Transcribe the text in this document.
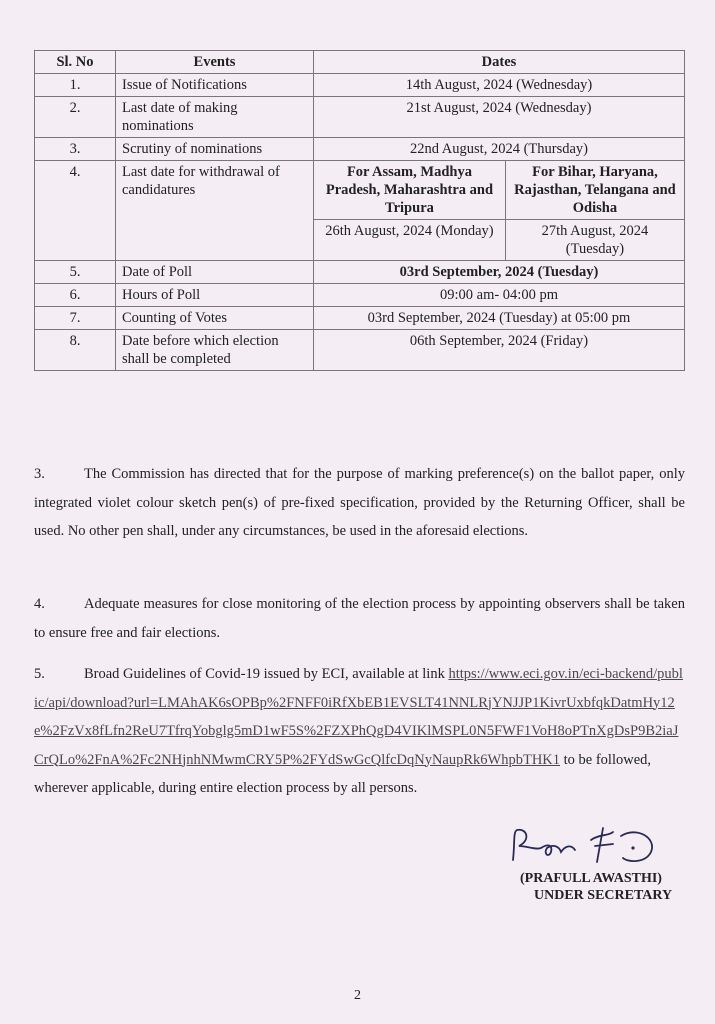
Sl. No	Events	Dates	
1.	Issue of Notifications	14th August, 2024 (Wednesday)	
2.	Last date of making nominations	21st August, 2024 (Wednesday)	
3.	Scrutiny of nominations	22nd August, 2024 (Thursday)	
4.	Last date for withdrawal of candidatures	For Assam, Madhya Pradesh, Maharashtra and Tripura	For Bihar, Haryana, Rajasthan, Telangana and Odisha
		26th August, 2024 (Monday)	27th August, 2024 (Tuesday)
5.	Date of Poll	03rd September, 2024 (Tuesday)	
6.	Hours of Poll	09:00 am- 04:00 pm	
7.	Counting of Votes	03rd September, 2024 (Tuesday) at 05:00 pm	
8.	Date before which election shall be completed	06th September, 2024 (Friday)	
3.	The Commission has directed that for the purpose of marking preference(s) on the ballot paper, only integrated violet colour sketch pen(s) of pre-fixed specification, provided by the Returning Officer, shall be used. No other pen shall, under any circumstances, be used in the aforesaid elections.
4.	Adequate measures for close monitoring of the election process by appointing observers shall be taken to ensure free and fair elections.
5.	Broad Guidelines of Covid-19 issued by ECI, available at link https://www.eci.gov.in/eci-backend/public/api/download?url=LMAhAK6sOPBp%2FNFF0iRfXbEB1EVSLT41NNLRjYNJJP1KivrUxbfqkDatmHy12e%2FzVx8fLfn2ReU7TfrqYobglg5mD1wF5S%2FZXPhQgD4VIKlMSPL0N5FWF1VoH8oPTnXgDsP9B2iaJCrQLo%2FnA%2Fc2NHjnhNMwmCRY5P%2FYdSwGcQlfcDqNyNaupRk6WhpbTHK1 to be followed, wherever applicable, during entire election process by all persons.
(PRAFULL AWASTHI)
UNDER SECRETARY
2
